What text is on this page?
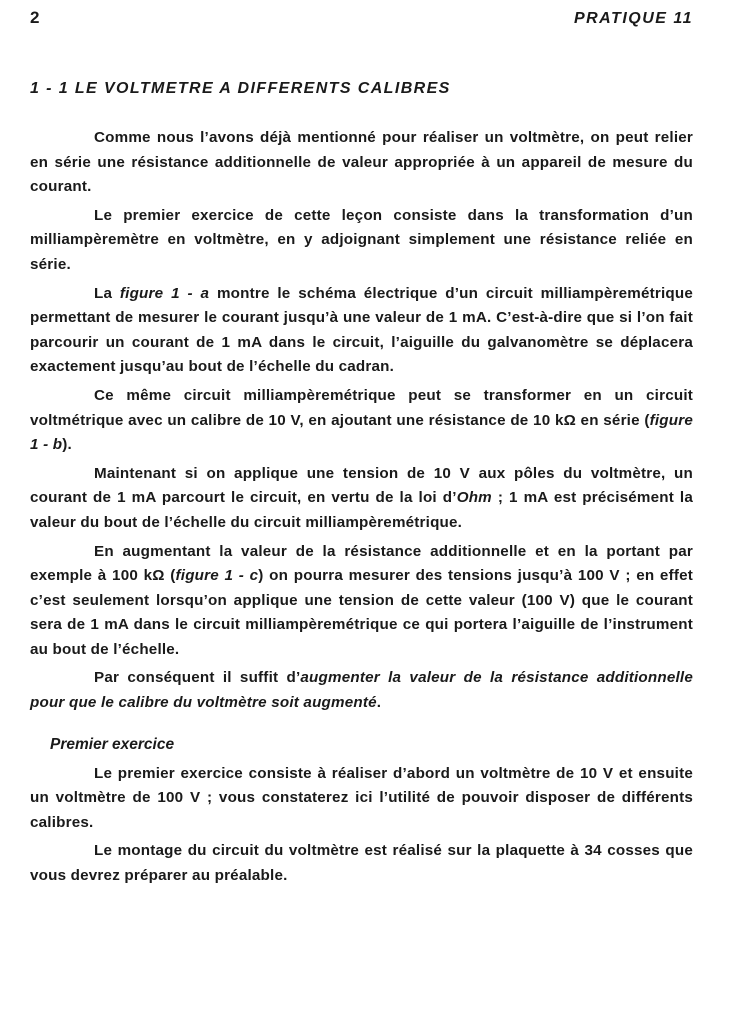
2	PRATIQUE 11
1 - 1 LE VOLTMETRE A DIFFERENTS CALIBRES

Comme nous l’avons déjà mentionné pour réaliser un voltmètre, on peut relier en série une résistance additionnelle de valeur appropriée à un appareil de mesure du courant.

Le premier exercice de cette leçon consiste dans la transformation d’un milliampèremètre en voltmètre, en y adjoignant simplement une résistance reliée en série.

La figure 1 - a montre le schéma électrique d’un circuit milliampèremétrique permettant de mesurer le courant jusqu’à une valeur de 1 mA. C’est-à-dire que si l’on fait parcourir un courant de 1 mA dans le circuit, l’aiguille du galvanomètre se déplacera exactement jusqu’au bout de l’échelle du cadran.

Ce même circuit milliampèremétrique peut se transformer en un circuit voltmétrique avec un calibre de 10 V, en ajoutant une résistance de 10 kΩ en série (figure 1 - b).

Maintenant si on applique une tension de 10 V aux pôles du voltmètre, un courant de 1 mA parcourt le circuit, en vertu de la loi d’Ohm ; 1 mA est précisément la valeur du bout de l’échelle du circuit milliampèremétrique.

En augmentant la valeur de la résistance additionnelle et en la portant par exemple à 100 kΩ (figure 1 - c) on pourra mesurer des tensions jusqu’à 100 V ; en effet c’est seulement lorsqu’on applique une tension de cette valeur (100 V) que le courant sera de 1 mA dans le circuit milliampèremétrique ce qui portera l’aiguille de l’instrument au bout de l’échelle.

Par conséquent il suffit d’augmenter la valeur de la résistance additionnelle pour que le calibre du voltmètre soit augmenté.

Premier exercice

Le premier exercice consiste à réaliser d’abord un voltmètre de 10 V et ensuite un voltmètre de 100 V ; vous constaterez ici l’utilité de pouvoir disposer de différents calibres.

Le montage du circuit du voltmètre est réalisé sur la plaquette à 34 cosses que vous devrez préparer au préalable.
